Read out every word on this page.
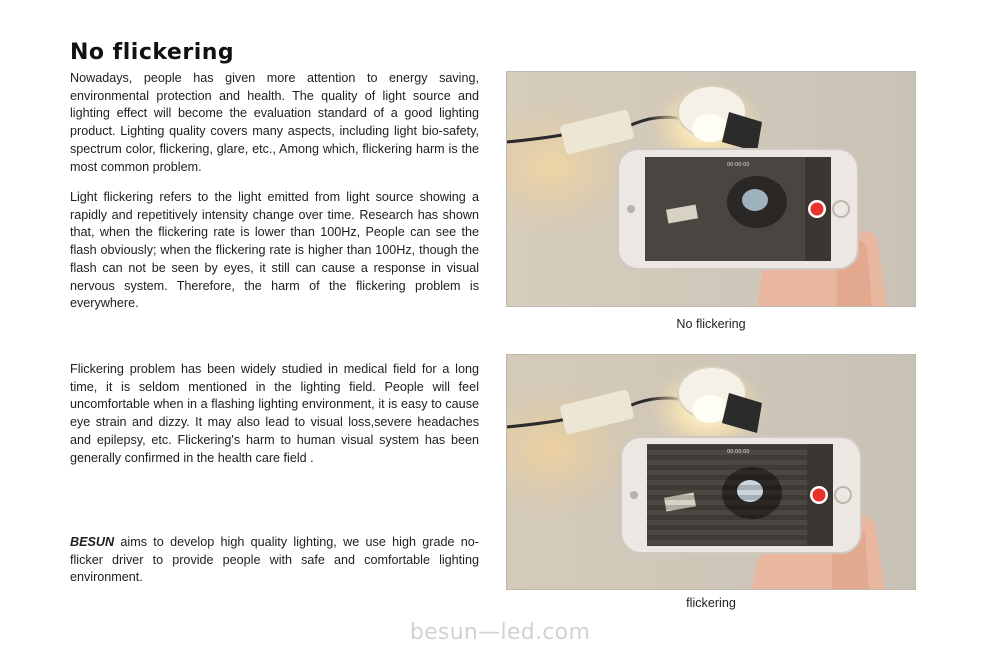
No flickering

Nowadays, people has given more attention to energy saving, environmental protection and health. The quality of light source and lighting effect will become the evaluation standard of a good lighting product. Lighting quality covers many aspects, including light bio-safety, spectrum color, flickering, glare, etc., Among which, flickering harm is the most common problem.

Light flickering refers to the light emitted from light source showing a rapidly and repetitively intensity change over time. Research has shown that, when the flickering rate is lower than 100Hz, People can see the flash obviously; when the flickering rate is higher than 100Hz, though the flash can not be seen by eyes, it still can cause a response in visual nervous system. Therefore, the harm of the flickering problem is everywhere.

Flickering problem has been widely studied in medical field for a long time, it is seldom mentioned in the lighting field. People will feel uncomfortable when in a flashing lighting environment, it is easy to cause eye strain and dizzy. It may also lead to visual loss,severe headaches and epilepsy, etc. Flickering's harm to human visual system has been generally confirmed in the health care field .

BESUN aims to develop high quality lighting, we use high grade no-flicker driver to provide people with safe and comfortable lighting environment.

00:00:00

No flickering

00:00:00

flickering

besun—led.com
